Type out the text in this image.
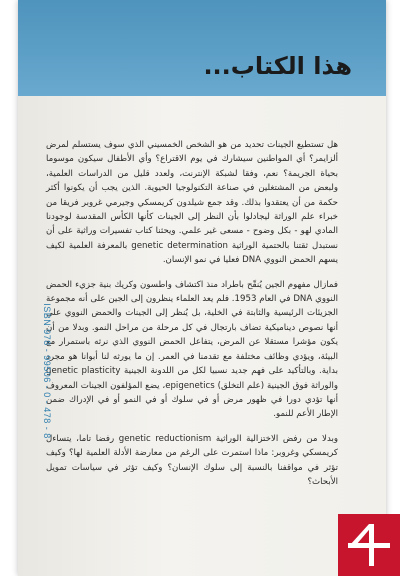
هذا الكتاب...

هل تستطيع الجينات تحديد من هو الشخص الخمسيني الذي سوف يستسلم لمرض ألزايمر؟ أي المواطنين سيشارك في يوم الاقتراع؟ وأي الأطفال سيكون موسوما بحياة الجريمة؟ نعم، وفقا لشبكة الإنترنت، ولعدد قليل من الدراسات العلمية، ولبعض من المشتغلين في صناعة التكنولوجيا الحيوية. الذين يجب أن يكونوا أكثر حكمة من أن يعتقدوا بذلك. وقد جمع شيلدون كريمسكي وجيرمي غروبر فريقا من خبراء علم الوراثة ليجادلوا بأن النظر إلى الجينات كأنها الكأس المقدسة لوجودنا المادي لهو - بكل وضوح - مسعى غير علمي. ويحثنا كتاب تفسيرات وراثية على أن نستبدل ثقتنا بالحتمية الوراثية genetic determination بالمعرفة العلمية لكيف يسهم الحمض النووي DNA فعليا في نمو الإنسان.

فمازال مفهوم الجين يُنقّح باطراد منذ اكتشاف واطسون وكريك بنية جزيء الحمض النووي DNA في العام 1953. فلم يعد العلماء ينظرون إلى الجين على أنه مجموعة الجزيئات الرئيسية والثابتة في الخلية، بل يُنظر إلى الجينات والحمض النووي على أنها نصوص ديناميكية تضاف بارتجال في كل مرحلة من مراحل النمو. وبدلا من أن يكون مؤشرا مستقلا عن المرض، يتفاعل الحمض النووي الذي نرثه باستمرار مع البيئة، ويؤدي وظائف مختلفة مع تقدمنا في العمر. إن ما يورثه لنا أبوانا هو مجرد بداية. وبالتأكيد على فهم جديد نسبيا لكل من اللدونة الجينية genetic plasticity والوراثة فوق الجينية (علم التخلق) epigenetics، يضع المؤلفون الجينات المعروف أنها تؤدي دورا في ظهور مرض أو في سلوك أو في النمو أو في الإدراك ضمن الإطار الأعم للنمو.

وبدلا من رفض الاختزالية الوراثية genetic reductionism رفضا تاما، يتساءل كريمسكي وغروبر: ماذا استمرت على الرغم من معارضة الأدلة العلمية لها؟ وكيف تؤثر في مواقفنا بالنسبة إلى سلوك الإنسان؟ وكيف تؤثر في سياسات تمويل الأبحاث؟

ISBN 978 - 99506 - 0 - 478 - 8
